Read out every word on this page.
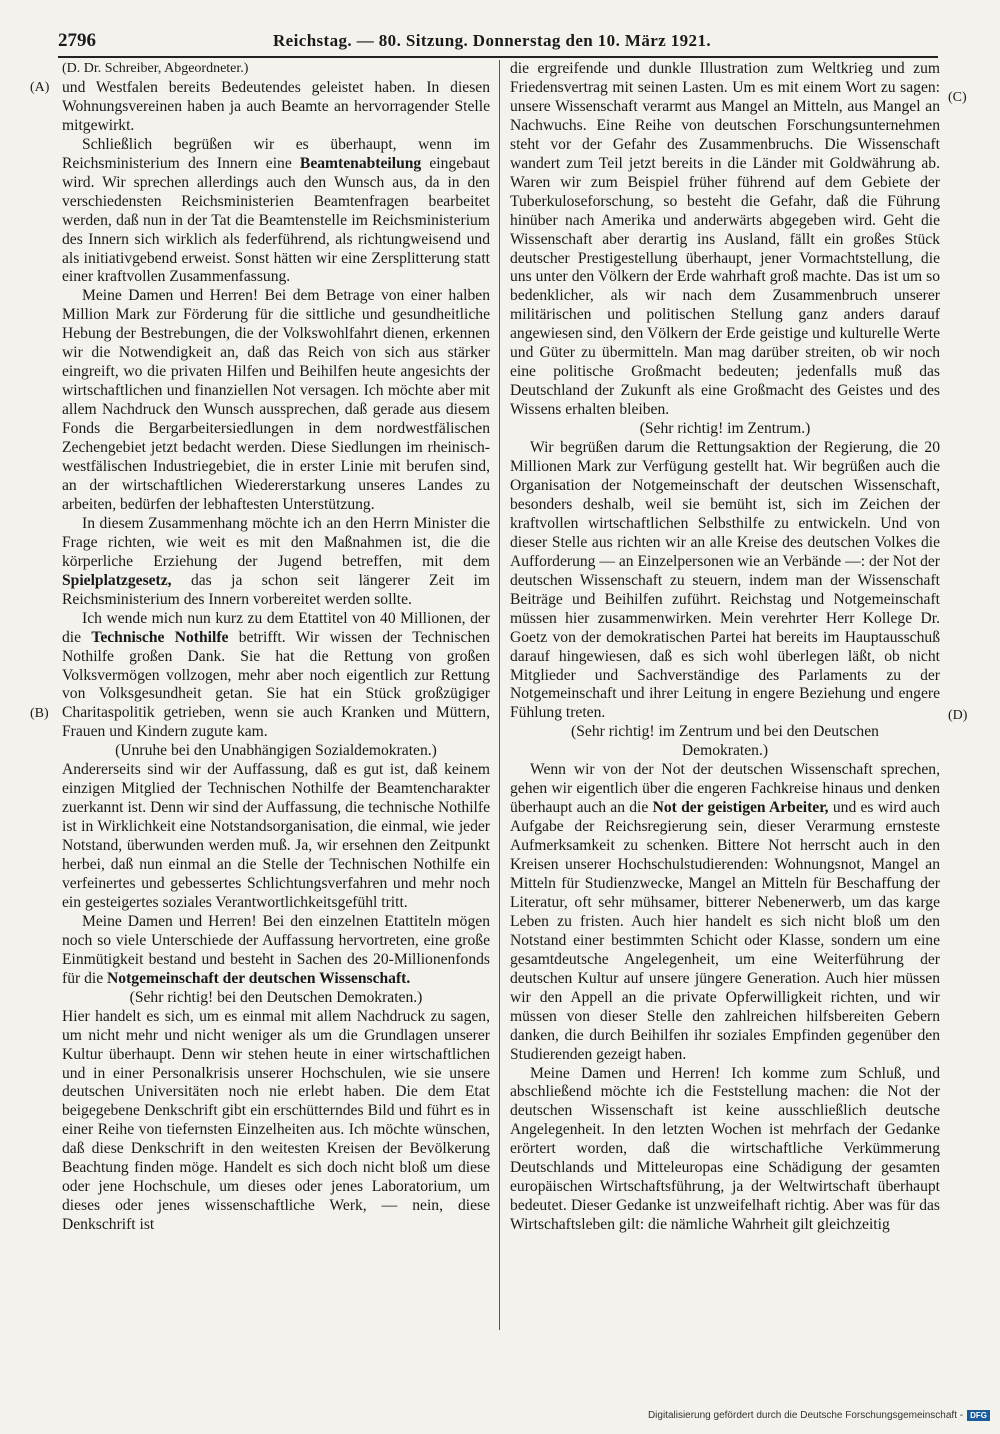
2796	Reichstag. — 80. Sitzung. Donnerstag den 10. März 1921.
(A)
(B)
(C)
(D)

(D. Dr. Schreiber, Abgeordneter.)

und Westfalen bereits Bedeutendes geleistet haben. In diesen Wohnungsvereinen haben ja auch Beamte an hervorragender Stelle mitgewirkt.

Schließlich begrüßen wir es überhaupt, wenn im Reichsministerium des Innern eine Beamtenabteilung eingebaut wird. Wir sprechen allerdings auch den Wunsch aus, da in den verschiedensten Reichsministerien Beamtenfragen bearbeitet werden, daß nun in der Tat die Beamtenstelle im Reichsministerium des Innern sich wirklich als federführend, als richtungweisend und als initiativgebend erweist. Sonst hätten wir eine Zersplitterung statt einer kraftvollen Zusammenfassung.

Meine Damen und Herren! Bei dem Betrage von einer halben Million Mark zur Förderung für die sittliche und gesundheitliche Hebung der Bestrebungen, die der Volkswohlfahrt dienen, erkennen wir die Notwendigkeit an, daß das Reich von sich aus stärker eingreift, wo die privaten Hilfen und Beihilfen heute angesichts der wirtschaftlichen und finanziellen Not versagen. Ich möchte aber mit allem Nachdruck den Wunsch aussprechen, daß gerade aus diesem Fonds die Bergarbeitersiedlungen in dem nordwestfälischen Zechengebiet jetzt bedacht werden. Diese Siedlungen im rheinisch-westfälischen Industriegebiet, die in erster Linie mit berufen sind, an der wirtschaftlichen Wiedererstarkung unseres Landes zu arbeiten, bedürfen der lebhaftesten Unterstützung.

In diesem Zusammenhang möchte ich an den Herrn Minister die Frage richten, wie weit es mit den Maßnahmen ist, die die körperliche Erziehung der Jugend betreffen, mit dem Spielplatzgesetz, das ja schon seit längerer Zeit im Reichsministerium des Innern vorbereitet werden sollte.

Ich wende mich nun kurz zu dem Etattitel von 40 Millionen, der die Technische Nothilfe betrifft. Wir wissen der Technischen Nothilfe großen Dank. Sie hat die Rettung von großen Volksvermögen vollzogen, mehr aber noch eigentlich zur Rettung von Volksgesundheit getan. Sie hat ein Stück großzügiger Charitaspolitik getrieben, wenn sie auch Kranken und Müttern, Frauen und Kindern zugute kam.

(Unruhe bei den Unabhängigen Sozialdemokraten.)

Andererseits sind wir der Auffassung, daß es gut ist, daß keinem einzigen Mitglied der Technischen Nothilfe der Beamtencharakter zuerkannt ist. Denn wir sind der Auffassung, die technische Nothilfe ist in Wirklichkeit eine Notstandsorganisation, die einmal, wie jeder Notstand, überwunden werden muß. Ja, wir ersehnen den Zeitpunkt herbei, daß nun einmal an die Stelle der Technischen Nothilfe ein verfeinertes und gebessertes Schlichtungsverfahren und mehr noch ein gesteigertes soziales Verantwortlichkeitsgefühl tritt.

Meine Damen und Herren! Bei den einzelnen Etattiteln mögen noch so viele Unterschiede der Auffassung hervortreten, eine große Einmütigkeit bestand und besteht in Sachen des 20-Millionenfonds für die Notgemeinschaft der deutschen Wissenschaft.

(Sehr richtig! bei den Deutschen Demokraten.)

Hier handelt es sich, um es einmal mit allem Nachdruck zu sagen, um nicht mehr und nicht weniger als um die Grundlagen unserer Kultur überhaupt. Denn wir stehen heute in einer wirtschaftlichen und in einer Personalkrisis unserer Hochschulen, wie sie unsere deutschen Universitäten noch nie erlebt haben. Die dem Etat beigegebene Denkschrift gibt ein erschütterndes Bild und führt es in einer Reihe von tiefernsten Einzelheiten aus. Ich möchte wünschen, daß diese Denkschrift in den weitesten Kreisen der Bevölkerung Beachtung finden möge. Handelt es sich doch nicht bloß um diese oder jene Hochschule, um dieses oder jenes Laboratorium, um dieses oder jenes wissenschaftliche Werk, — nein, diese Denkschrift ist

die ergreifende und dunkle Illustration zum Weltkrieg und zum Friedensvertrag mit seinen Lasten. Um es mit einem Wort zu sagen: unsere Wissenschaft verarmt aus Mangel an Mitteln, aus Mangel an Nachwuchs. Eine Reihe von deutschen Forschungsunternehmen steht vor der Gefahr des Zusammenbruchs. Die Wissenschaft wandert zum Teil jetzt bereits in die Länder mit Goldwährung ab. Waren wir zum Beispiel früher führend auf dem Gebiete der Tuberkuloseforschung, so besteht die Gefahr, daß die Führung hinüber nach Amerika und anderwärts abgegeben wird. Geht die Wissenschaft aber derartig ins Ausland, fällt ein großes Stück deutscher Prestigestellung überhaupt, jener Vormachtstellung, die uns unter den Völkern der Erde wahrhaft groß machte. Das ist um so bedenklicher, als wir nach dem Zusammenbruch unserer militärischen und politischen Stellung ganz anders darauf angewiesen sind, den Völkern der Erde geistige und kulturelle Werte und Güter zu übermitteln. Man mag darüber streiten, ob wir noch eine politische Großmacht bedeuten; jedenfalls muß das Deutschland der Zukunft als eine Großmacht des Geistes und des Wissens erhalten bleiben.

(Sehr richtig! im Zentrum.)

Wir begrüßen darum die Rettungsaktion der Regierung, die 20 Millionen Mark zur Verfügung gestellt hat. Wir begrüßen auch die Organisation der Notgemeinschaft der deutschen Wissenschaft, besonders deshalb, weil sie bemüht ist, sich im Zeichen der kraftvollen wirtschaftlichen Selbsthilfe zu entwickeln. Und von dieser Stelle aus richten wir an alle Kreise des deutschen Volkes die Aufforderung — an Einzelpersonen wie an Verbände —: der Not der deutschen Wissenschaft zu steuern, indem man der Wissenschaft Beiträge und Beihilfen zuführt. Reichstag und Notgemeinschaft müssen hier zusammenwirken. Mein verehrter Herr Kollege Dr. Goetz von der demokratischen Partei hat bereits im Hauptausschuß darauf hingewiesen, daß es sich wohl überlegen läßt, ob nicht Mitglieder und Sachverständige des Parlaments zu der Notgemeinschaft und ihrer Leitung in engere Beziehung und engere Fühlung treten.

(Sehr richtig! im Zentrum und bei den Deutschen Demokraten.)

Wenn wir von der Not der deutschen Wissenschaft sprechen, gehen wir eigentlich über die engeren Fachkreise hinaus und denken überhaupt auch an die Not der geistigen Arbeiter, und es wird auch Aufgabe der Reichsregierung sein, dieser Verarmung ernsteste Aufmerksamkeit zu schenken. Bittere Not herrscht auch in den Kreisen unserer Hochschulstudierenden: Wohnungsnot, Mangel an Mitteln für Studienzwecke, Mangel an Mitteln für Beschaffung der Literatur, oft sehr mühsamer, bitterer Nebenerwerb, um das karge Leben zu fristen. Auch hier handelt es sich nicht bloß um den Notstand einer bestimmten Schicht oder Klasse, sondern um eine gesamtdeutsche Angelegenheit, um eine Weiterführung der deutschen Kultur auf unsere jüngere Generation. Auch hier müssen wir den Appell an die private Opferwilligkeit richten, und wir müssen von dieser Stelle den zahlreichen hilfsbereiten Gebern danken, die durch Beihilfen ihr soziales Empfinden gegenüber den Studierenden gezeigt haben.

Meine Damen und Herren! Ich komme zum Schluß, und abschließend möchte ich die Feststellung machen: die Not der deutschen Wissenschaft ist keine ausschließlich deutsche Angelegenheit. In den letzten Wochen ist mehrfach der Gedanke erörtert worden, daß die wirtschaftliche Verkümmerung Deutschlands und Mitteleuropas eine Schädigung der gesamten europäischen Wirtschaftsführung, ja der Weltwirtschaft überhaupt bedeutet. Dieser Gedanke ist unzweifelhaft richtig. Aber was für das Wirtschaftsleben gilt: die nämliche Wahrheit gilt gleichzeitig

Digitalisierung gefördert durch die Deutsche Forschungsgemeinschaft - DFG
